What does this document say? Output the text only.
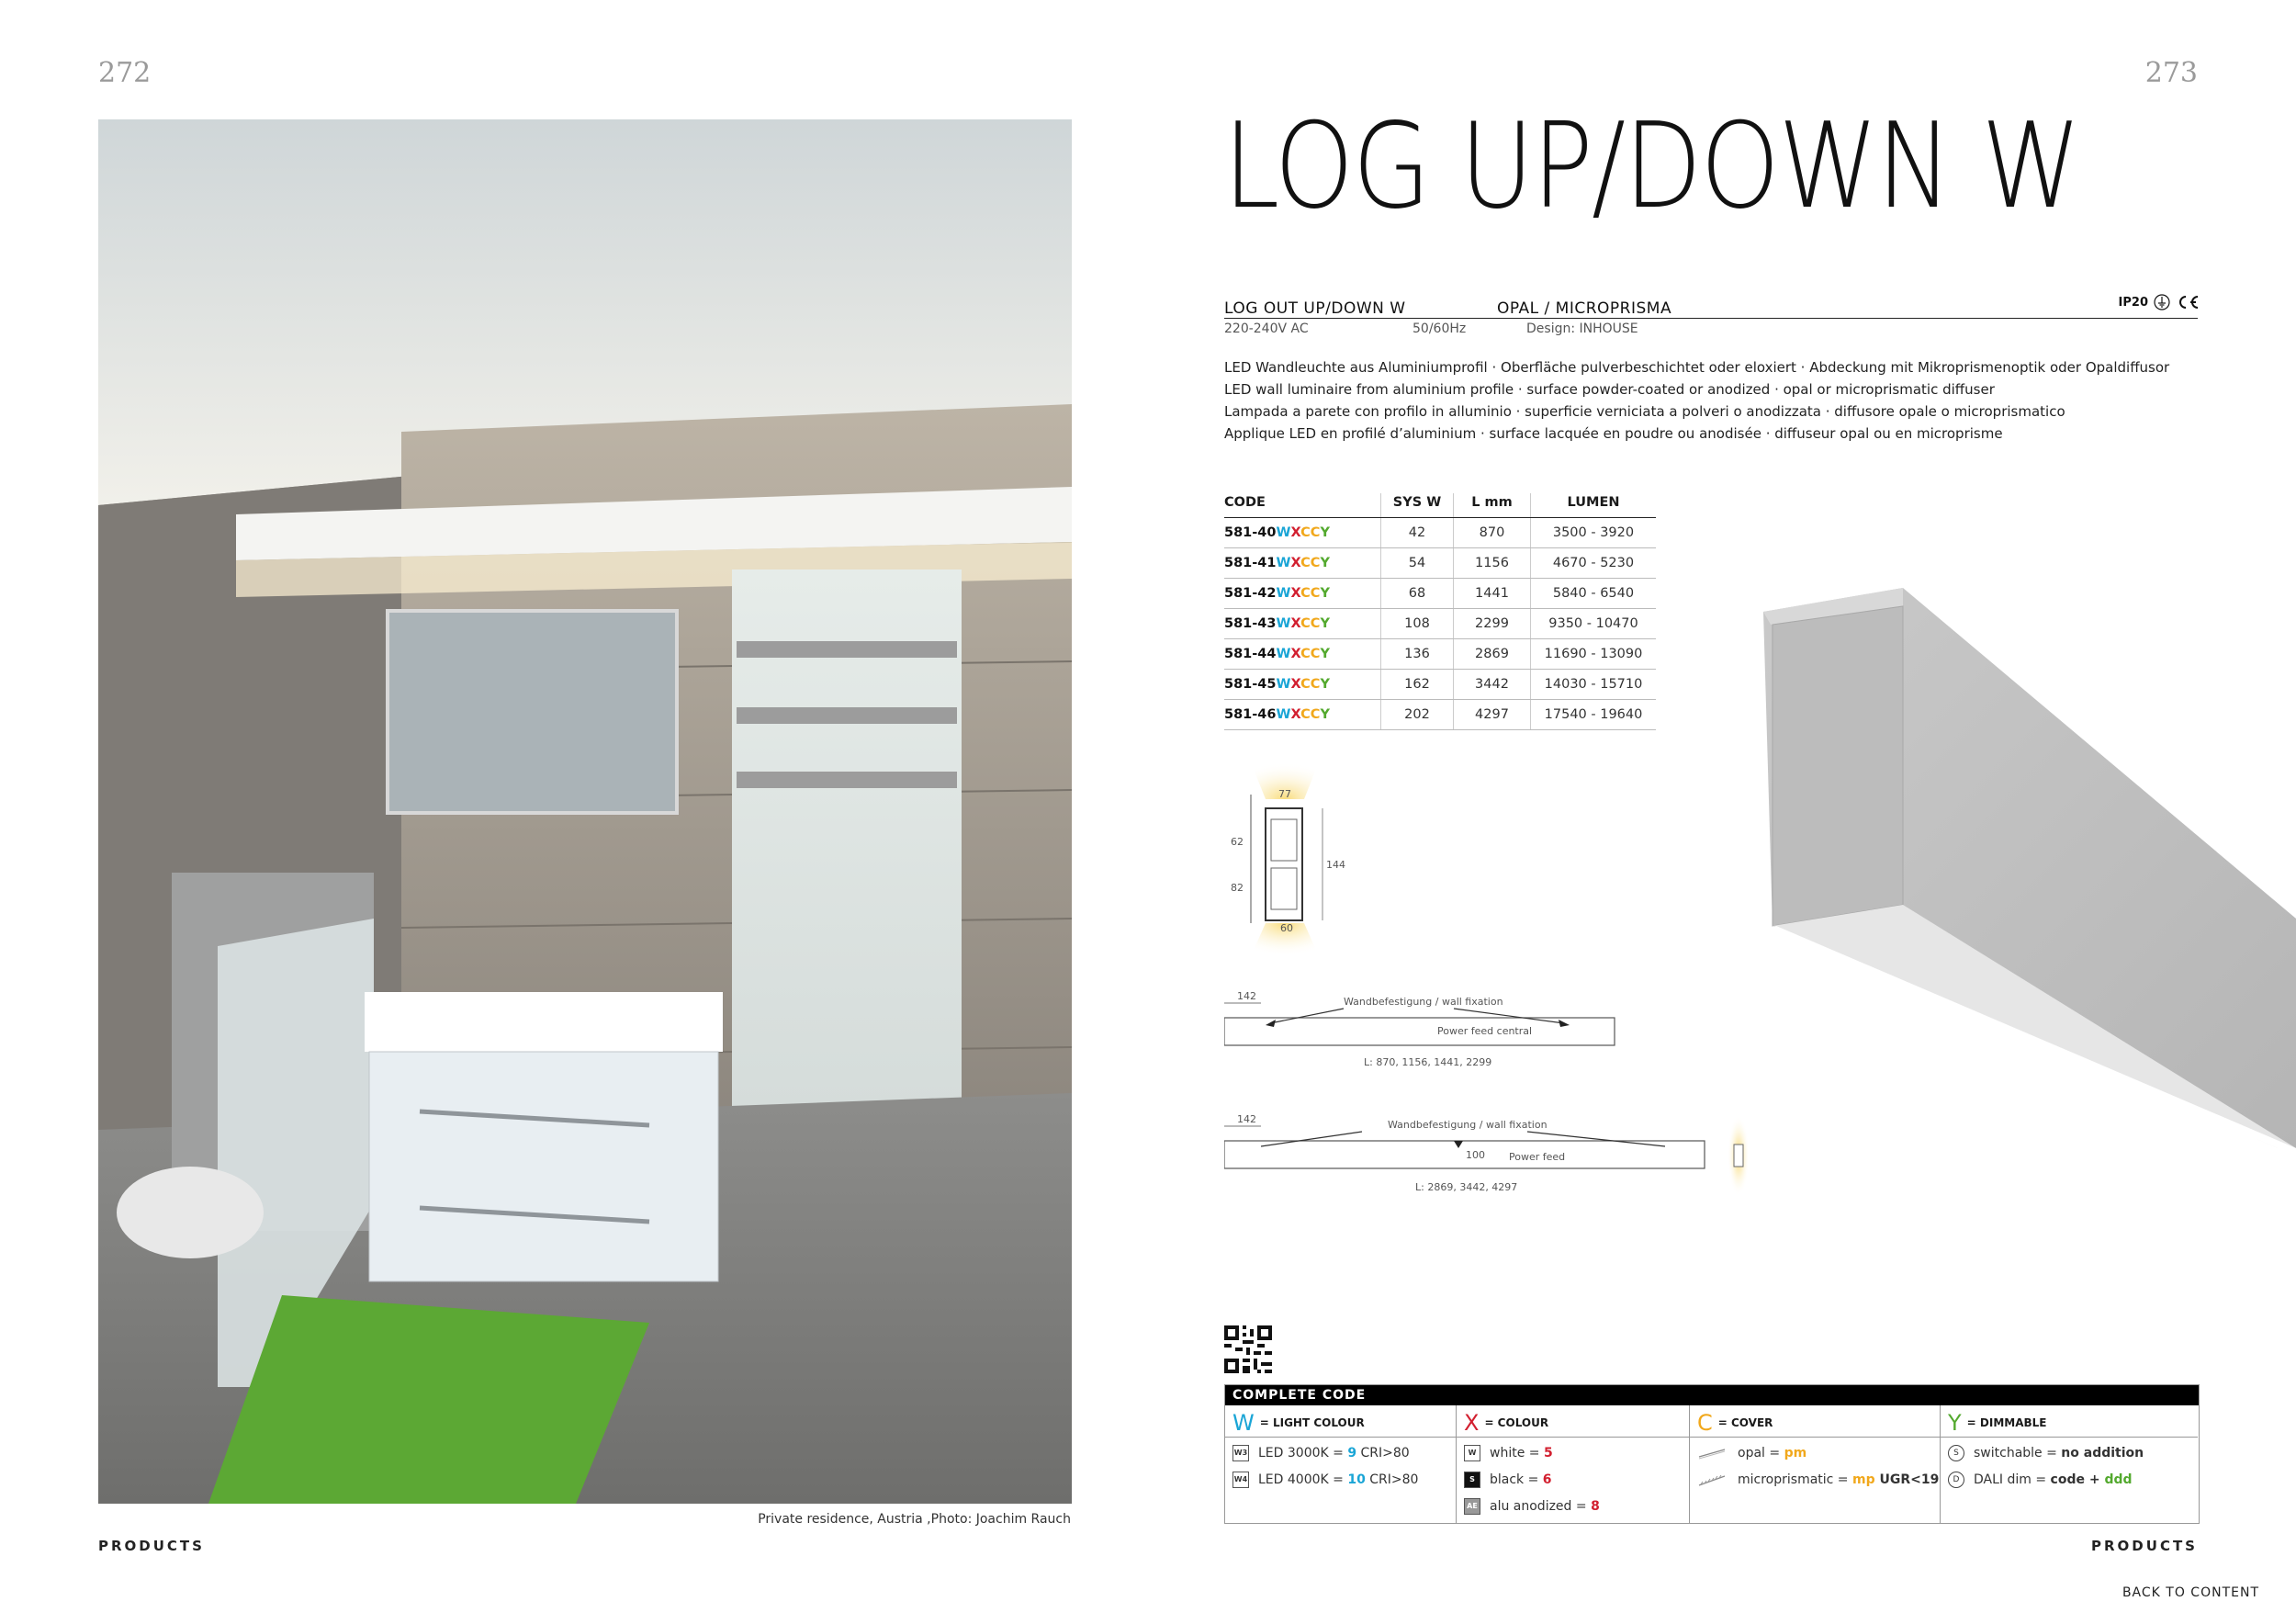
272	273
Private residence, Austria ,Photo: Joachim Rauch
PRODUCTS	PRODUCTS
BACK TO CONTENT
LOG UP/DOWN W
LOG OUT UP/DOWN W	OPAL / MICROPRISMA
220-240V AC	50/60Hz	Design: INHOUSE
IP20
LED Wandleuchte aus Aluminiumprofil · Oberfläche pulverbeschichtet oder eloxiert · Abdeckung mit Mikroprismenoptik oder Opaldiffusor
LED wall luminaire from aluminium profile · surface powder-coated or anodized · opal or microprismatic diffuser
Lampada a parete con profilo in alluminio · superficie verniciata a polveri o anodizzata · diffusore opale o microprismatico
Applique LED en profilé d’aluminium · surface lacquée en poudre ou anodisée · diffuseur opal ou en microprisme
CODE	SYS W	L mm	LUMEN
581-40WXCCY	42	870	3500 - 3920
581-41WXCCY	54	1156	4670 - 5230
581-42WXCCY	68	1441	5840 - 6540
581-43WXCCY	108	2299	9350 - 10470
581-44WXCCY	136	2869	11690 - 13090
581-45WXCCY	162	3442	14030 - 15710
581-46WXCCY	202	4297	17540 - 19640
77
60
62
82
144
142	Wandbefestigung / wall fixation
Power feed central
L: 870, 1156, 1441, 2299
142	Wandbefestigung / wall fixation
100 Power feed
L: 2869, 3442, 4297
COMPLETE CODE
W = LIGHT COLOUR
W3 LED 3000K = 9 CRI>80
W4 LED 4000K = 10 CRI>80
X = COLOUR
W	white = 5
S	black = 6
AE alu anodized = 8
C = COVER
opal = pm
microprismatic = mp UGR<19
Y = DIMMABLE
S	switchable = no addition
D	DALI dim = code + ddd
